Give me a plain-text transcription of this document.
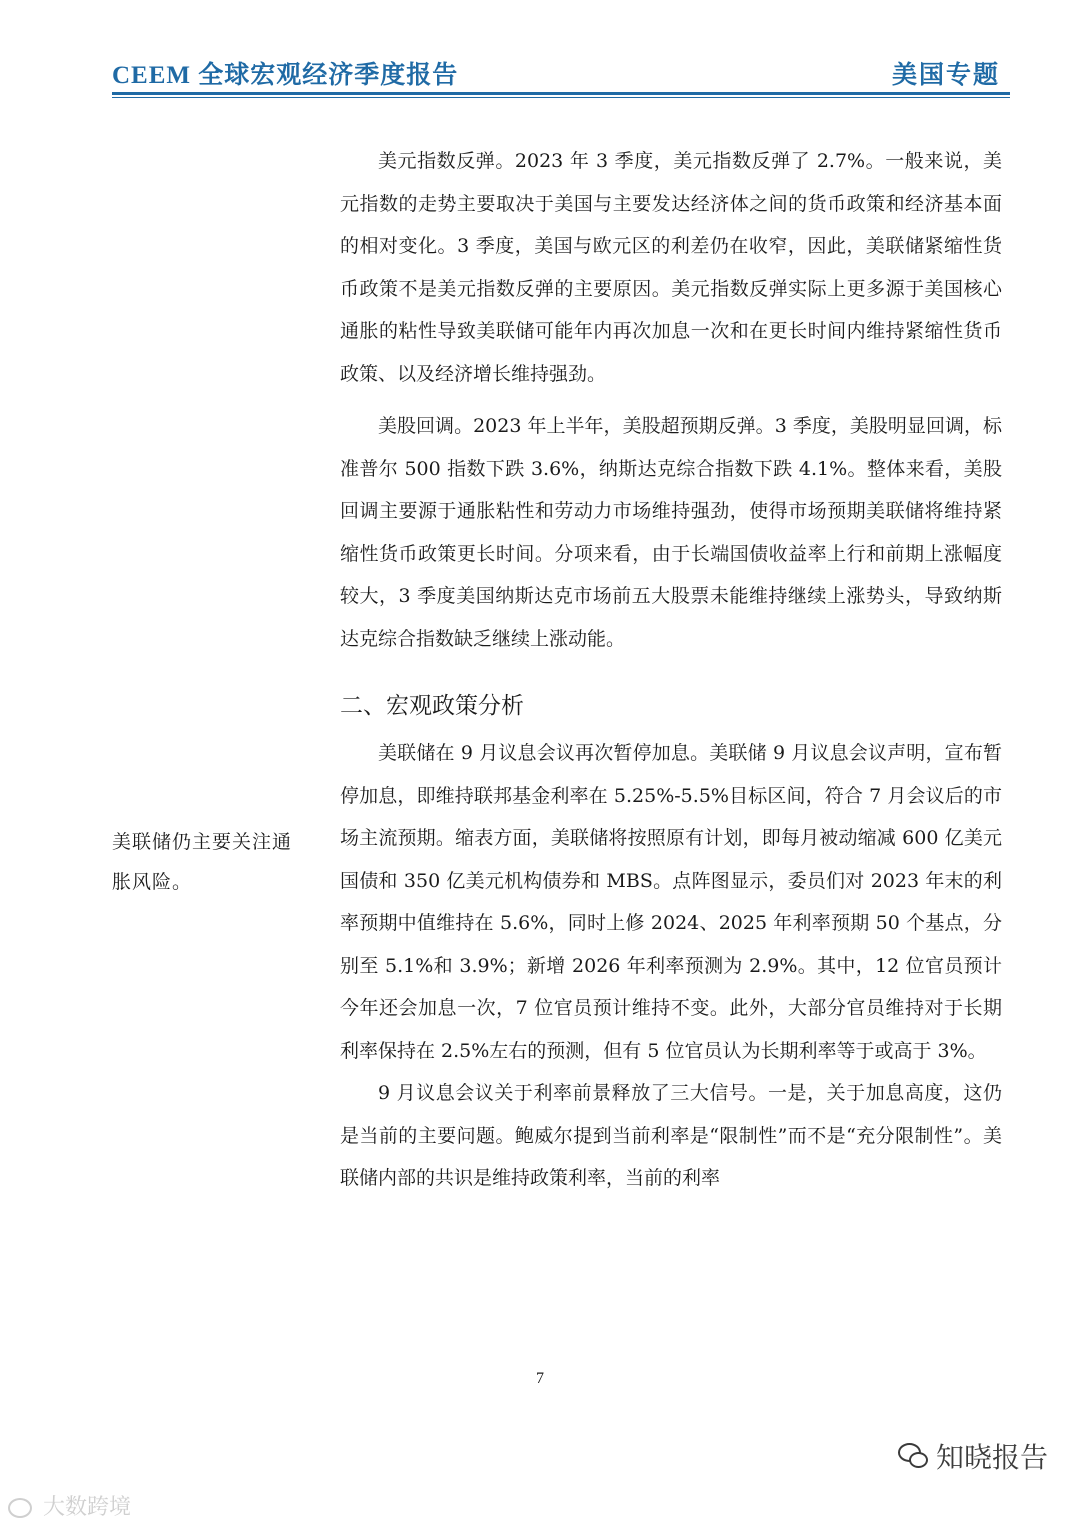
CEEM 全球宏观经济季度报告	美国专题

美元指数反弹。2023 年 3 季度，美元指数反弹了 2.7%。一般来说，美元指数的走势主要取决于美国与主要发达经济体之间的货币政策和经济基本面的相对变化。3 季度，美国与欧元区的利差仍在收窄，因此，美联储紧缩性货币政策不是美元指数反弹的主要原因。美元指数反弹实际上更多源于美国核心通胀的粘性导致美联储可能年内再次加息一次和在更长时间内维持紧缩性货币政策、以及经济增长维持强劲。

美股回调。2023 年上半年，美股超预期反弹。3 季度，美股明显回调，标准普尔 500 指数下跌 3.6%，纳斯达克综合指数下跌 4.1%。整体来看，美股回调主要源于通胀粘性和劳动力市场维持强劲，使得市场预期美联储将维持紧缩性货币政策更长时间。分项来看，由于长端国债收益率上行和前期上涨幅度较大，3 季度美国纳斯达克市场前五大股票未能维持继续上涨势头，导致纳斯达克综合指数缺乏继续上涨动能。

二、宏观政策分析

美联储在 9 月议息会议再次暂停加息。美联储 9 月议息会议声明，宣布暂停加息，即维持联邦基金利率在 5.25%-5.5%目标区间，符合 7 月会议后的市场主流预期。缩表方面，美联储将按照原有计划，即每月被动缩减 600 亿美元国债和 350 亿美元机构债券和 MBS。点阵图显示，委员们对 2023 年末的利率预期中值维持在 5.6%，同时上修 2024、2025 年利率预期 50 个基点，分别至 5.1%和 3.9%；新增 2026 年利率预测为 2.9%。其中，12 位官员预计今年还会加息一次，7 位官员预计维持不变。此外，大部分官员维持对于长期利率保持在 2.5%左右的预测，但有 5 位官员认为长期利率等于或高于 3%。

9 月议息会议关于利率前景释放了三大信号。一是，关于加息高度，这仍是当前的主要问题。鲍威尔提到当前利率是“限制性”而不是“充分限制性”。美联储内部的共识是维持政策利率，当前的利率

美联储仍主要关注通胀风险。
7
大数跨境
知晓报告
